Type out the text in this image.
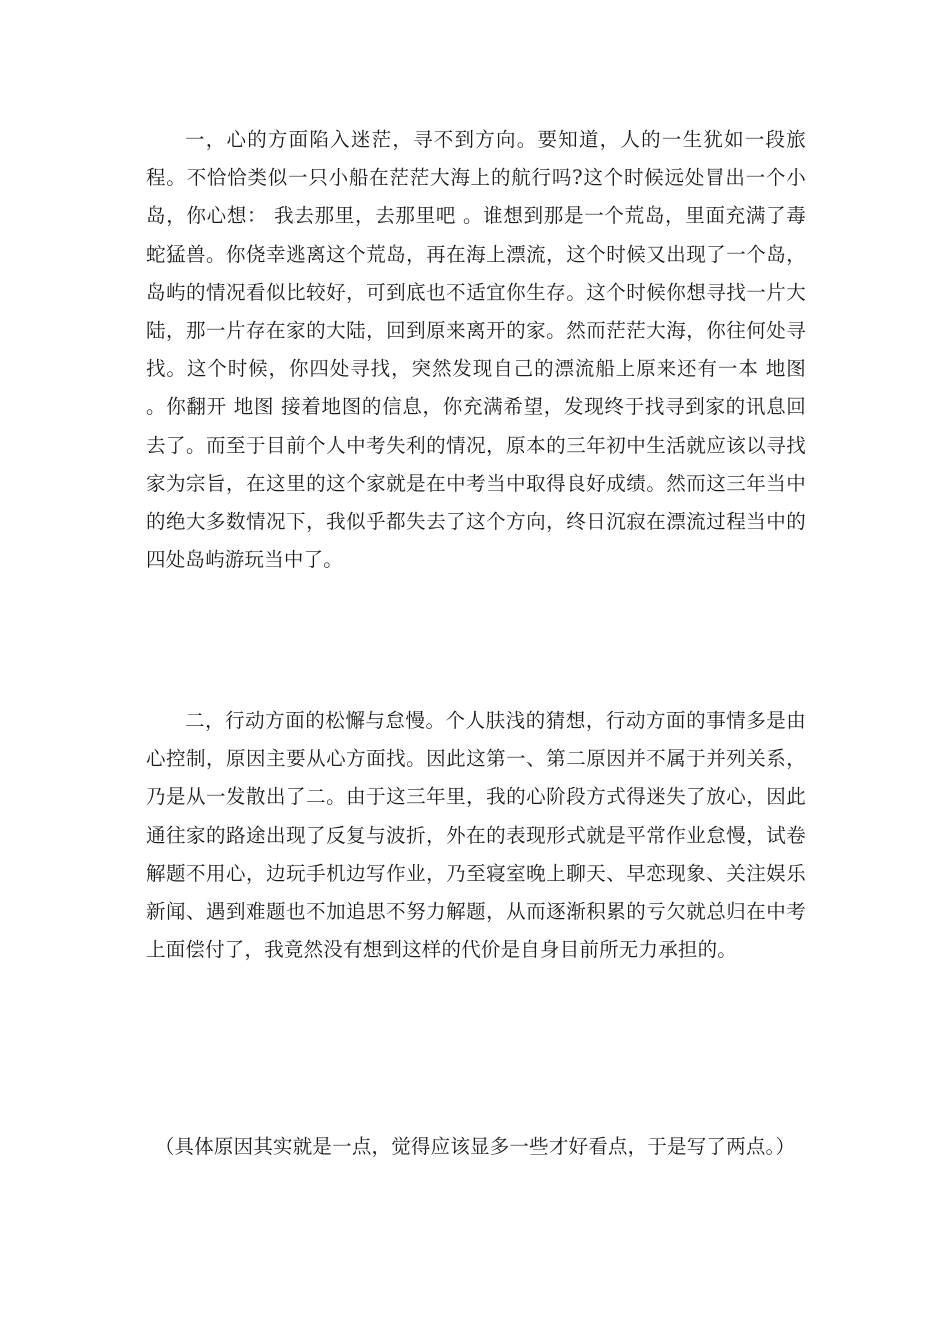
一，心的方面陷入迷茫，寻不到方向。要知道，人的一生犹如一段旅程。不恰恰类似一只小船在茫茫大海上的航行吗?这个时候远处冒出一个小岛，你心想： 我去那里，去那里吧 。谁想到那是一个荒岛，里面充满了毒蛇猛兽。你侥幸逃离这个荒岛，再在海上漂流，这个时候又出现了一个岛，岛屿的情况看似比较好，可到底也不适宜你生存。这个时候你想寻找一片大陆，那一片存在家的大陆，回到原来离开的家。然而茫茫大海，你往何处寻找。这个时候，你四处寻找，突然发现自己的漂流船上原来还有一本 地图 。你翻开 地图 接着地图的信息，你充满希望，发现终于找寻到家的讯息回去了。而至于目前个人中考失利的情况，原本的三年初中生活就应该以寻找家为宗旨，在这里的这个家就是在中考当中取得良好成绩。然而这三年当中的绝大多数情况下，我似乎都失去了这个方向，终日沉寂在漂流过程当中的四处岛屿游玩当中了。

二，行动方面的松懈与怠慢。个人肤浅的猜想，行动方面的事情多是由心控制，原因主要从心方面找。因此这第一、第二原因并不属于并列关系，乃是从一发散出了二。由于这三年里，我的心阶段方式得迷失了放心，因此通往家的路途出现了反复与波折，外在的表现形式就是平常作业怠慢，试卷解题不用心，边玩手机边写作业，乃至寝室晚上聊天、早恋现象、关注娱乐新闻、遇到难题也不加追思不努力解题，从而逐渐积累的亏欠就总归在中考上面偿付了，我竟然没有想到这样的代价是自身目前所无力承担的。

（具体原因其实就是一点，觉得应该显多一些才好看点，于是写了两点。）
